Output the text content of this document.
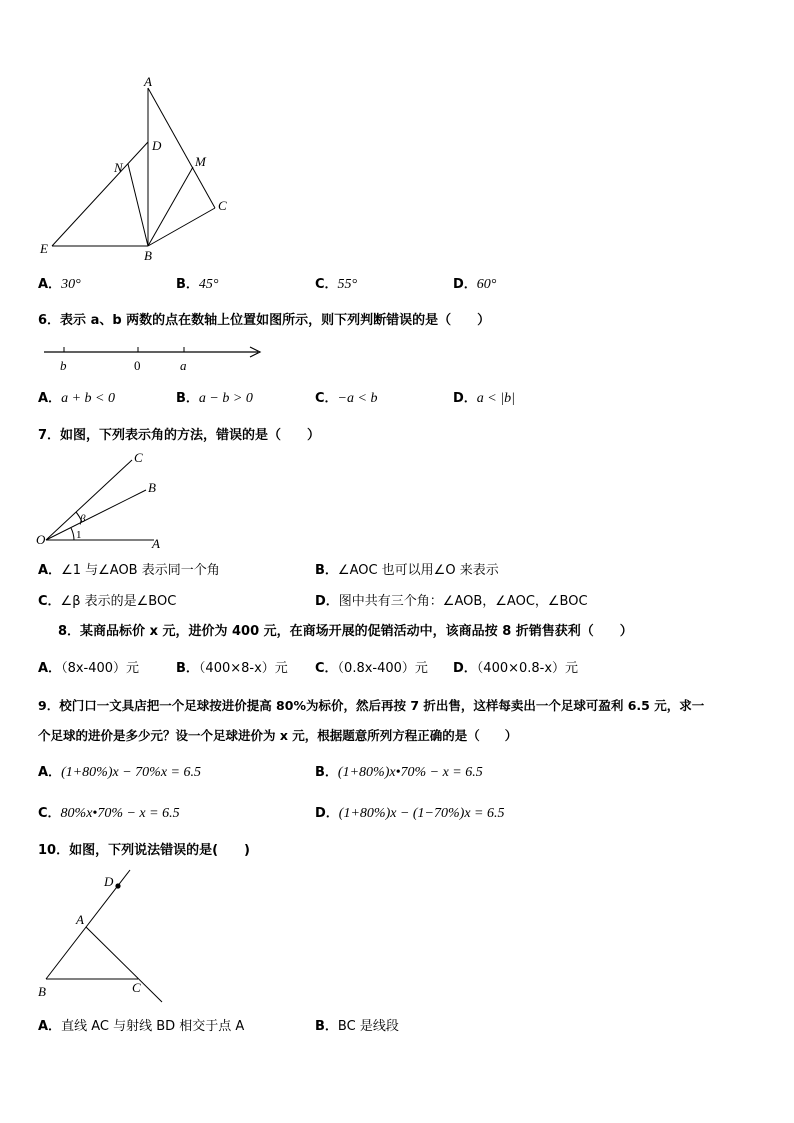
A
D
N	M
C
E	B
A．30°	B．45°	C．55°	D．60°
6．表示 a、b 两数的点在数轴上位置如图所示，则下列判断错误的是（　　）
b	0	a
A．a + b < 0	B．a − b > 0	C．−a < b	D．a < |b|
7．如图，下列表示角的方法，错误的是（　　）
C
B
O	A
β
1
A．∠1 与∠AOB 表示同一个角	B．∠AOC 也可以用∠O 来表示
C．∠β 表示的是∠BOC	D．图中共有三个角：∠AOB，∠AOC，∠BOC
8．某商品标价 x 元，进价为 400 元，在商场开展的促销活动中，该商品按 8 折销售获利（　　）
A．（8x-400）元	B．（400×8-x）元 C．（0.8x-400）元 D．（400×0.8-x）元
9．校门口一文具店把一个足球按进价提高 80%为标价，然后再按 7 折出售，这样每卖出一个足球可盈利 6.5 元，求一
个足球的进价是多少元？设一个足球进价为 x 元，根据题意所列方程正确的是（　　）
A．(1+80%)x − 70%x = 6.5	B．(1+80%)x•70% − x = 6.5
C．80%x•70% − x = 6.5	D．(1+80%)x − (1−70%)x = 6.5
10．如图，下列说法错误的是(　　)
D
A
B	C
A．直线 AC 与射线 BD 相交于点 A	B．BC 是线段
